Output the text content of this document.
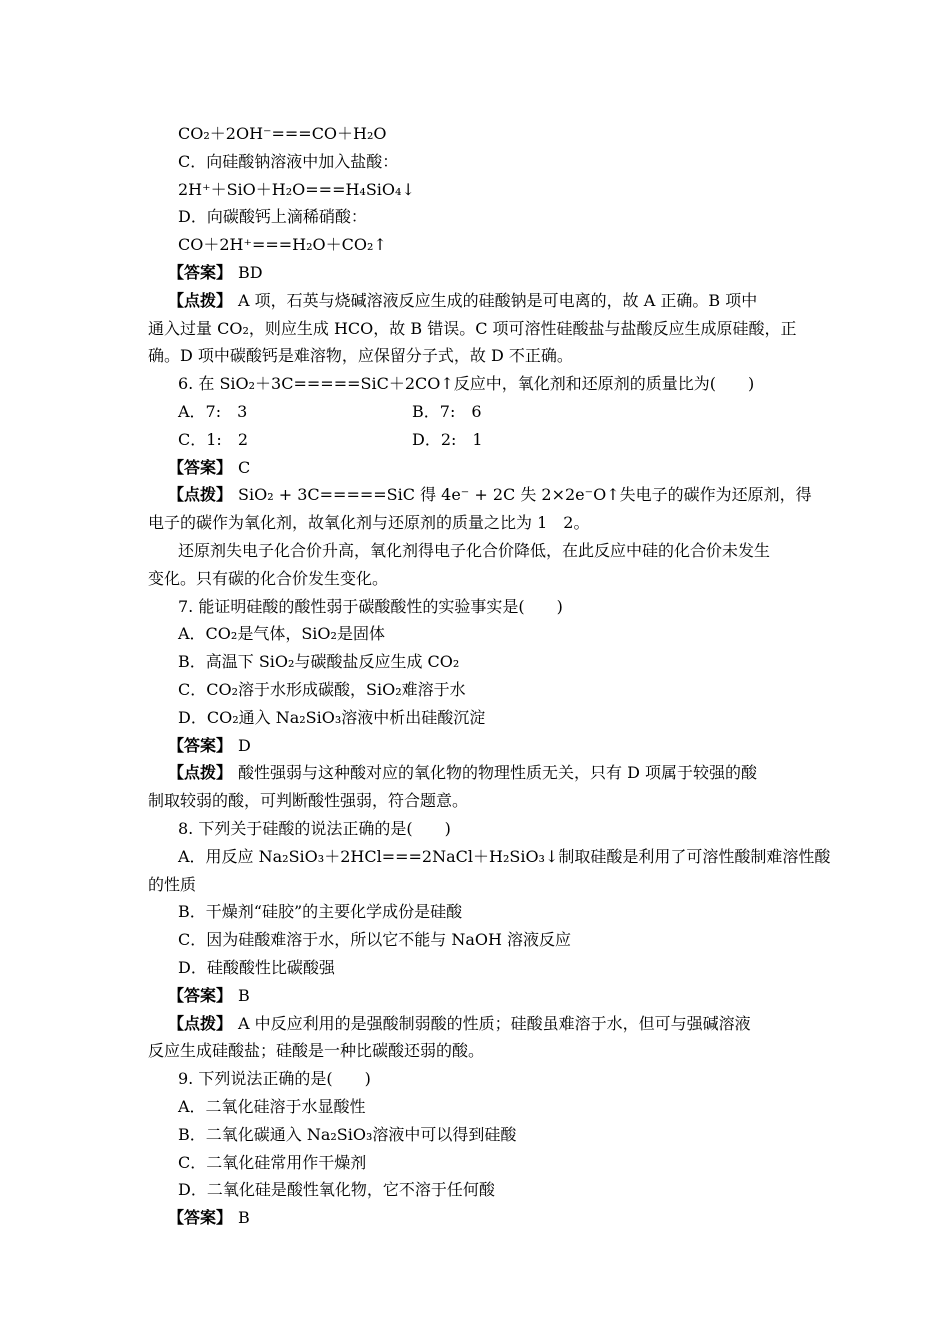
CO₂＋2OH⁻===CO＋H₂O
C．向硅酸钠溶液中加入盐酸：
2H⁺＋SiO＋H₂O===H₄SiO₄↓
D．向碳酸钙上滴稀硝酸：
CO＋2H⁺===H₂O＋CO₂↑
【答案】 BD
【点拨】 A 项，石英与烧碱溶液反应生成的硅酸钠是可电离的，故 A 正确。B 项中
通入过量 CO₂，则应生成 HCO，故 B 错误。C 项可溶性硅酸盐与盐酸反应生成原硅酸，正
确。D 项中碳酸钙是难溶物，应保留分子式，故 D 不正确。
6. 在 SiO₂＋3C=====SiC＋2CO↑反应中，氧化剂和还原剂的质量比为(　　)
A．7:　3	B．7:　6
C．1:　2	D．2:　1
【答案】 C
【点拨】 SiO₂ + 3C=====SiC 得 4e⁻ + 2C 失 2×2e⁻O↑失电子的碳作为还原剂，得
电子的碳作为氧化剂，故氧化剂与还原剂的质量之比为 1　2。
还原剂失电子化合价升高，氧化剂得电子化合价降低，在此反应中硅的化合价未发生
变化。只有碳的化合价发生变化。
7. 能证明硅酸的酸性弱于碳酸酸性的实验事实是(　　)
A．CO₂是气体，SiO₂是固体
B．高温下 SiO₂与碳酸盐反应生成 CO₂
C．CO₂溶于水形成碳酸，SiO₂难溶于水
D．CO₂通入 Na₂SiO₃溶液中析出硅酸沉淀
【答案】 D
【点拨】 酸性强弱与这种酸对应的氧化物的物理性质无关，只有 D 项属于较强的酸
制取较弱的酸，可判断酸性强弱，符合题意。
8. 下列关于硅酸的说法正确的是(　　)
A．用反应 Na₂SiO₃＋2HCl===2NaCl＋H₂SiO₃↓制取硅酸是利用了可溶性酸制难溶性酸
的性质
B．干燥剂“硅胶”的主要化学成份是硅酸
C．因为硅酸难溶于水，所以它不能与 NaOH 溶液反应
D．硅酸酸性比碳酸强
【答案】 B
【点拨】 A 中反应利用的是强酸制弱酸的性质；硅酸虽难溶于水，但可与强碱溶液
反应生成硅酸盐；硅酸是一种比碳酸还弱的酸。
9. 下列说法正确的是(　　)
A．二氧化硅溶于水显酸性
B．二氧化碳通入 Na₂SiO₃溶液中可以得到硅酸
C．二氧化硅常用作干燥剂
D．二氧化硅是酸性氧化物，它不溶于任何酸
【答案】 B
